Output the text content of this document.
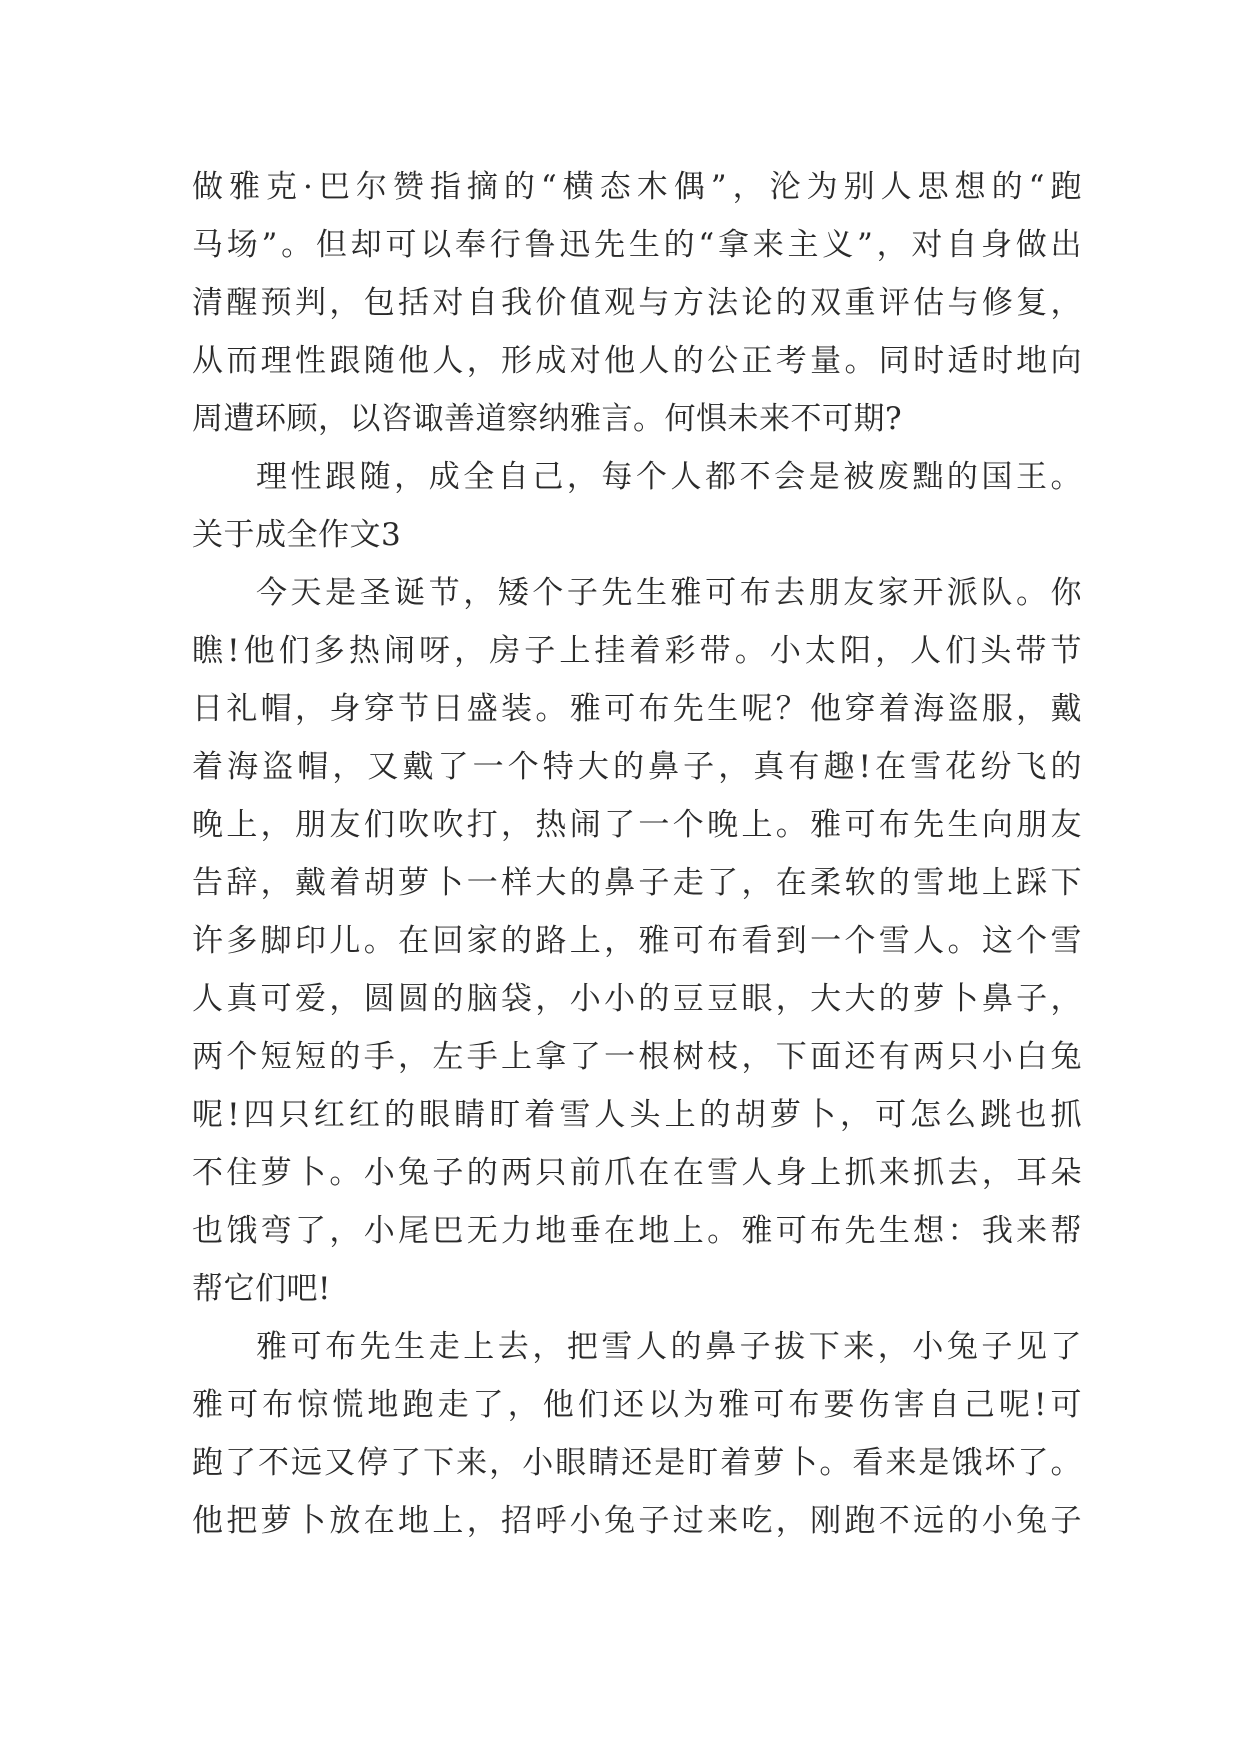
做雅克·巴尔赞指摘的“横态木偶”，沦为别人思想的“跑
马场”。但却可以奉行鲁迅先生的“拿来主义”，对自身做出
清醒预判，包括对自我价值观与方法论的双重评估与修复，
从而理性跟随他人，形成对他人的公正考量。同时适时地向
周遭环顾，以咨诹善道察纳雅言。何惧未来不可期?
理性跟随，成全自己，每个人都不会是被废黜的国王。
关于成全作文3
今天是圣诞节，矮个子先生雅可布去朋友家开派队。你
瞧!他们多热闹呀，房子上挂着彩带。小太阳，人们头带节
日礼帽，身穿节日盛装。雅可布先生呢？他穿着海盗服，戴
着海盗帽，又戴了一个特大的鼻子，真有趣!在雪花纷飞的
晚上，朋友们吹吹打，热闹了一个晚上。雅可布先生向朋友
告辞，戴着胡萝卜一样大的鼻子走了，在柔软的雪地上踩下
许多脚印儿。在回家的路上，雅可布看到一个雪人。这个雪
人真可爱，圆圆的脑袋，小小的豆豆眼，大大的萝卜鼻子，
两个短短的手，左手上拿了一根树枝，下面还有两只小白兔
呢!四只红红的眼睛盯着雪人头上的胡萝卜，可怎么跳也抓
不住萝卜。小兔子的两只前爪在在雪人身上抓来抓去，耳朵
也饿弯了，小尾巴无力地垂在地上。雅可布先生想：我来帮
帮它们吧!
雅可布先生走上去，把雪人的鼻子拔下来，小兔子见了
雅可布惊慌地跑走了，他们还以为雅可布要伤害自己呢!可
跑了不远又停了下来，小眼睛还是盯着萝卜。看来是饿坏了。
他把萝卜放在地上，招呼小兔子过来吃，刚跑不远的小兔子
